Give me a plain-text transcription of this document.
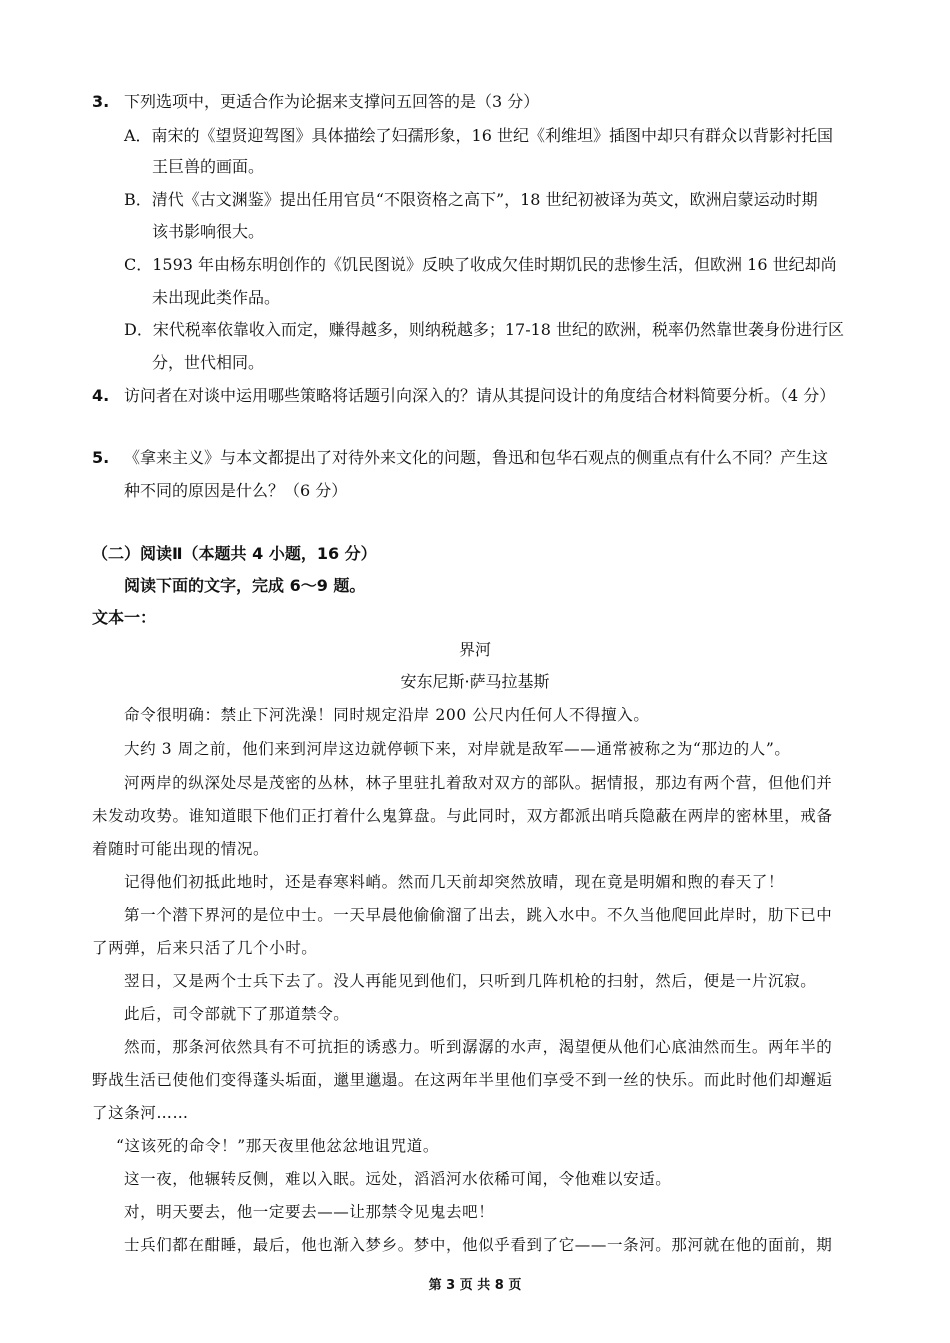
3. 下列选项中，更适合作为论据来支撑问五回答的是（3 分）
A．南宋的《望贤迎驾图》具体描绘了妇孺形象，16 世纪《利维坦》插图中却只有群众以背影衬托国
王巨兽的画面。
B．清代《古文渊鉴》提出任用官员“不限资格之高下”，18 世纪初被译为英文，欧洲启蒙运动时期
该书影响很大。
C．1593 年由杨东明创作的《饥民图说》反映了收成欠佳时期饥民的悲惨生活，但欧洲 16 世纪却尚
未出现此类作品。
D．宋代税率依靠收入而定，赚得越多，则纳税越多；17-18 世纪的欧洲，税率仍然靠世袭身份进行区
分，世代相同。
4. 访问者在对谈中运用哪些策略将话题引向深入的？请从其提问设计的角度结合材料简要分析。（4 分）
5. 《拿来主义》与本文都提出了对待外来文化的问题，鲁迅和包华石观点的侧重点有什么不同？产生这
种不同的原因是什么？（6 分）
（二）阅读Ⅱ（本题共 4 小题，16 分）
阅读下面的文字，完成 6～9 题。
文本一：
界河
安东尼斯·萨马拉基斯
命令很明确：禁止下河洗澡！同时规定沿岸 200 公尺内任何人不得擅入。
大约 3 周之前，他们来到河岸这边就停顿下来，对岸就是敌军——通常被称之为“那边的人”。
河两岸的纵深处尽是茂密的丛林，林子里驻扎着敌对双方的部队。据情报，那边有两个营，但他们并
未发动攻势。谁知道眼下他们正打着什么鬼算盘。与此同时，双方都派出哨兵隐蔽在两岸的密林里，戒备
着随时可能出现的情况。
记得他们初抵此地时，还是春寒料峭。然而几天前却突然放晴，现在竟是明媚和煦的春天了！
第一个潜下界河的是位中士。一天早晨他偷偷溜了出去，跳入水中。不久当他爬回此岸时，肋下已中
了两弹，后来只活了几个小时。
翌日，又是两个士兵下去了。没人再能见到他们，只听到几阵机枪的扫射，然后，便是一片沉寂。
此后，司令部就下了那道禁令。
然而，那条河依然具有不可抗拒的诱惑力。听到潺潺的水声，渴望便从他们心底油然而生。两年半的
野战生活已使他们变得蓬头垢面，邋里邋遢。在这两年半里他们享受不到一丝的快乐。而此时他们却邂逅
了这条河……
“这该死的命令！”那天夜里他忿忿地诅咒道。
这一夜，他辗转反侧，难以入眠。远处，滔滔河水依稀可闻，令他难以安适。
对，明天要去，他一定要去——让那禁令见鬼去吧！
士兵们都在酣睡，最后，他也渐入梦乡。梦中，他似乎看到了它——一条河。那河就在他的面前，期
第 3 页 共 8 页
